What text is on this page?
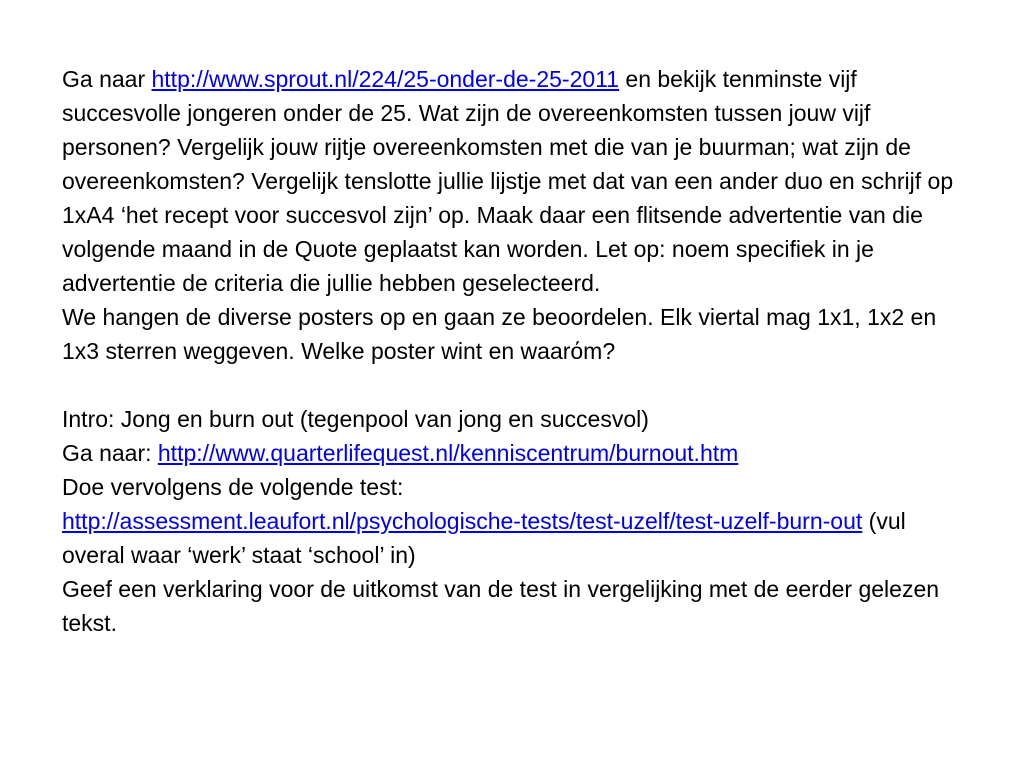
Ga naar http://www.sprout.nl/224/25-onder-de-25-2011 en bekijk tenminste vijf succesvolle jongeren onder de 25. Wat zijn de overeenkomsten tussen jouw vijf personen? Vergelijk jouw rijtje overeenkomsten met die van je buurman; wat zijn de overeenkomsten? Vergelijk tenslotte jullie lijstje met dat van een ander duo en schrijf op 1xA4 ‘het recept voor succesvol zijn’ op. Maak daar een flitsende advertentie van die volgende maand in de Quote geplaatst kan worden. Let op: noem specifiek in je advertentie de criteria die jullie hebben geselecteerd.

We hangen de diverse posters op en gaan ze beoordelen. Elk viertal mag 1x1, 1x2 en 1x3 sterren weggeven. Welke poster wint en waarόm?

Intro: Jong en burn out (tegenpool van jong en succesvol)

Ga naar: http://www.quarterlifequest.nl/kenniscentrum/burnout.htm

Doe vervolgens de volgende test:

http://assessment.leaufort.nl/psychologische-tests/test-uzelf/test-uzelf-burn-out (vul overal waar ‘werk’ staat ‘school’ in)

Geef een verklaring voor de uitkomst van de test in vergelijking met de eerder gelezen tekst.
